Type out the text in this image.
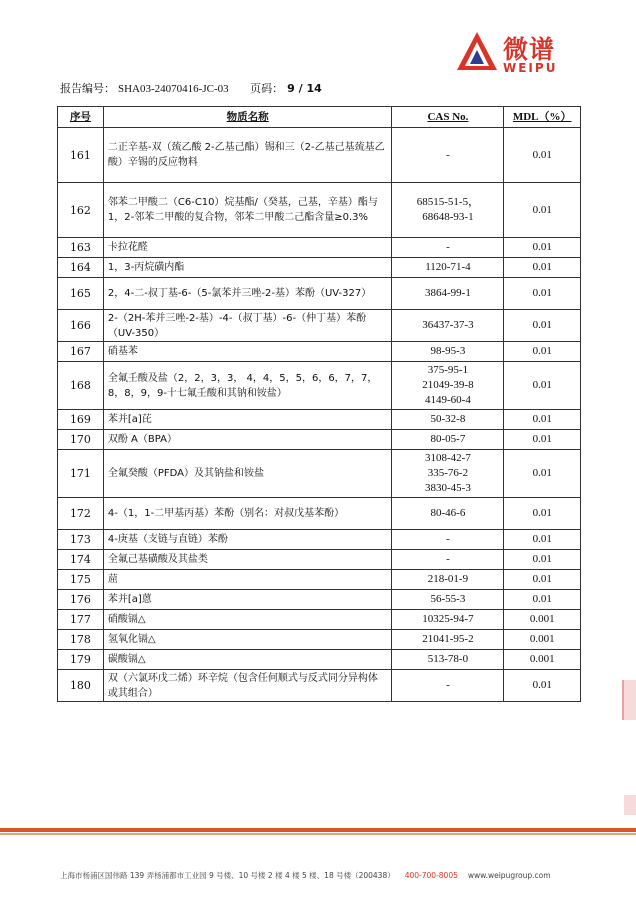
微谱
WEIPU
报告编号： SHA03-24070416-JC-03 页码： 9 / 14
序号	物质名称	CAS No.	MDL（%）
161	二正辛基-双（巯乙酸 2-乙基己酯）锡和三（2-乙基己基巯基乙酸）辛锡的反应物料	-	0.01
162	邻苯二甲酸二（C6-C10）烷基酯/（癸基，己基，辛基）酯与 1，2-邻苯二甲酸的复合物，邻苯二甲酸二己酯含量≥0.3%	68515-51-5，
68648-93-1	0.01
163	卡拉花醛	-	0.01
164	1，3-丙烷磺内酯	1120-71-4	0.01
165	2，4-二-叔丁基-6-（5-氯苯并三唑-2-基）苯酚（UV-327）	3864-99-1	0.01
166	2-（2H-苯并三唑-2-基）-4-（叔丁基）-6-（仲丁基）苯酚 （UV-350）	36437-37-3	0.01
167	硝基苯	98-95-3	0.01
168	全氟壬酸及盐（2，2，3，3， 4，4，5，5，6，6，7，7，8，8，9，9-十七氟壬酸和其钠和铵盐）	375-95-1
21049-39-8
4149-60-4	0.01
169	苯并[a]芘	50-32-8	0.01
170	双酚 A（BPA）	80-05-7	0.01
171	全氟癸酸（PFDA）及其钠盐和铵盐	3108-42-7
335-76-2
3830-45-3	0.01
172	4-（1，1-二甲基丙基）苯酚（别名：对叔戊基苯酚）	80-46-6	0.01
173	4-庚基（支链与直链）苯酚	-	0.01
174	全氟己基磺酸及其盐类	-	0.01
175	䓛	218-01-9	0.01
176	苯并[a]蒽	56-55-3	0.01
177	硝酸镉△	10325-94-7	0.001
178	氢氧化镉△	21041-95-2	0.001
179	碳酸镉△	513-78-0	0.001
180	双（六氯环戊二烯）环辛烷（包含任何顺式与反式同分异构体或其组合）	-	0.01
上海市杨浦区国伟路 139 弄杨浦都市工业园 9 号楼、10 号楼 2 楼 4 楼 5 楼、18 号楼（200438） 400-700-8005 www.weipugroup.com
